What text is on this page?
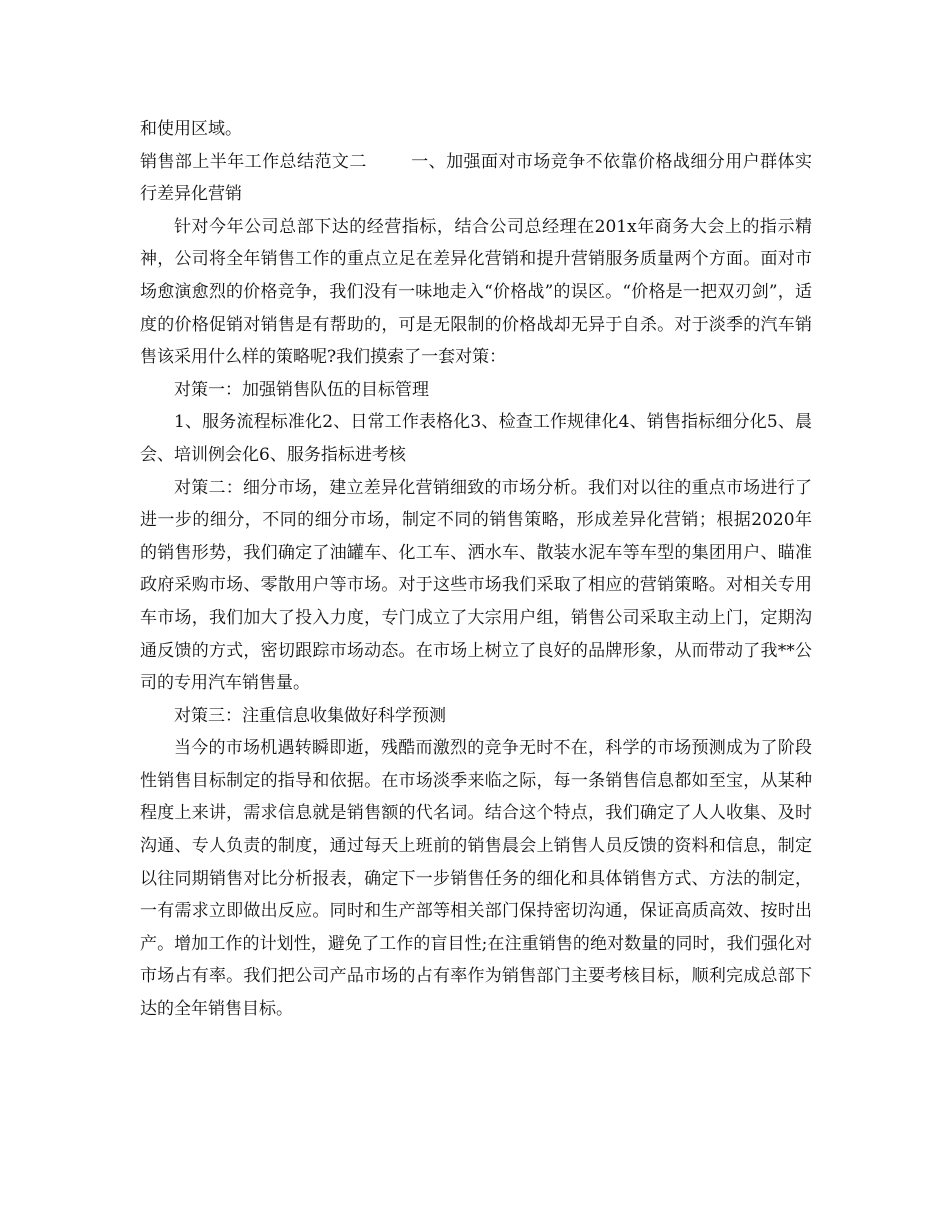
和使用区域。

销售部上半年工作总结范文二	一、加强面对市场竞争不依靠价格战细分用户群体实行差异化营销

针对今年公司总部下达的经营指标，结合公司总经理在201x年商务大会上的指示精神，公司将全年销售工作的重点立足在差异化营销和提升营销服务质量两个方面。面对市场愈演愈烈的价格竞争，我们没有一味地走入“价格战”的误区。“价格是一把双刃剑”，适度的价格促销对销售是有帮助的，可是无限制的价格战却无异于自杀。对于淡季的汽车销售该采用什么样的策略呢?我们摸索了一套对策：

对策一：加强销售队伍的目标管理

1、服务流程标准化2、日常工作表格化3、检查工作规律化4、销售指标细分化5、晨会、培训例会化6、服务指标进考核

对策二：细分市场，建立差异化营销细致的市场分析。我们对以往的重点市场进行了进一步的细分，不同的细分市场，制定不同的销售策略，形成差异化营销；根据2020年的销售形势，我们确定了油罐车、化工车、洒水车、散装水泥车等车型的集团用户、瞄准政府采购市场、零散用户等市场。对于这些市场我们采取了相应的营销策略。对相关专用车市场，我们加大了投入力度，专门成立了大宗用户组，销售公司采取主动上门，定期沟通反馈的方式，密切跟踪市场动态。在市场上树立了良好的品牌形象，从而带动了我**公司的专用汽车销售量。

对策三：注重信息收集做好科学预测

当今的市场机遇转瞬即逝，残酷而激烈的竞争无时不在，科学的市场预测成为了阶段性销售目标制定的指导和依据。在市场淡季来临之际，每一条销售信息都如至宝，从某种程度上来讲，需求信息就是销售额的代名词。结合这个特点，我们确定了人人收集、及时沟通、专人负责的制度，通过每天上班前的销售晨会上销售人员反馈的资料和信息，制定以往同期销售对比分析报表，确定下一步销售任务的细化和具体销售方式、方法的制定，一有需求立即做出反应。同时和生产部等相关部门保持密切沟通，保证高质高效、按时出产。增加工作的计划性，避免了工作的盲目性;在注重销售的绝对数量的同时，我们强化对市场占有率。我们把公司产品市场的占有率作为销售部门主要考核目标，顺利完成总部下达的全年销售目标。
